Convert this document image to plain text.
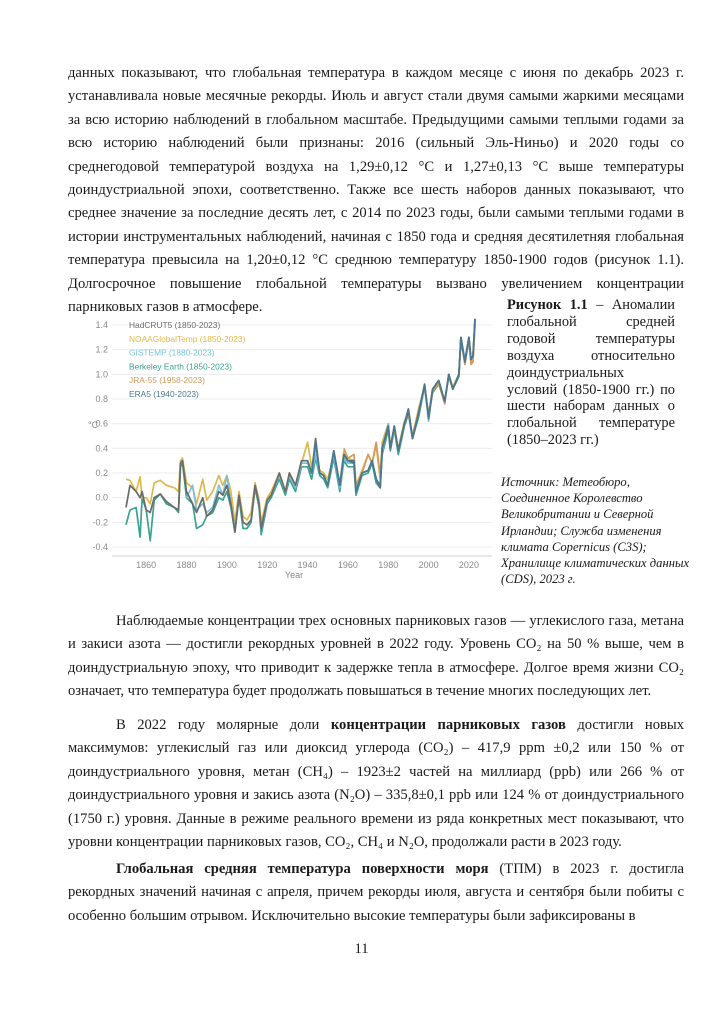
данных показывают, что глобальная температура в каждом месяце с июня по декабрь 2023 г. устанавливала новые месячные рекорды. Июль и август стали двумя самыми жаркими месяцами за всю историю наблюдений в глобальном масштабе. Предыдущими самыми теплыми годами за всю историю наблюдений были признаны: 2016 (сильный Эль-Ниньо) и 2020 годы со среднегодовой температурой воздуха на 1,29±0,12 °C и 1,27±0,13 °C выше температуры доиндустриальной эпохи, соответственно. Также все шесть наборов данных показывают, что среднее значение за последние десять лет, с 2014 по 2023 годы, были самыми теплыми годами в истории инструментальных наблюдений, начиная с 1850 года и средняя десятилетняя глобальная температура превысила на 1,20±0,12 °C среднюю температуру 1850-1900 годов (рисунок 1.1). Долгосрочное повышение глобальной температуры вызвано увеличением концентрации парниковых газов в атмосфере.
-0.4
-0.2
0.0
0.2
0.4
0.6
0.8
1.0
1.2
1.4
1860 1880 1900 1920 1940 1960 1980 2000 2020
°C
Year
HadCRUT5 (1850-2023)
NOAAGlobalTemp (1850-2023)
GISTEMP (1880-2023)
Berkeley Earth (1850-2023)
JRA-55 (1958-2023)
ERA5 (1940-2023)
Рисунок 1.1 – Аномалии глобальной средней годовой температуры воздуха относительно доиндустриальных условий (1850-1900 гг.) по шести наборам данных о глобальной температуре (1850–2023 гг.)
Источник: Метеобюро, Соединенное Королевство Великобритании и Северной Ирландии; Служба изменения климата Copernicus (C3S); Хранилище климатических данных (CDS), 2023 г.
Наблюдаемые концентрации трех основных парниковых газов — углекислого газа, метана и закиси азота — достигли рекордных уровней в 2022 году. Уровень CO₂ на 50 % выше, чем в доиндустриальную эпоху, что приводит к задержке тепла в атмосфере. Долгое время жизни CO₂ означает, что температура будет продолжать повышаться в течение многих последующих лет.
В 2022 году молярные доли концентрации парниковых газов достигли новых максимумов: углекислый газ или диоксид углерода (CO₂) – 417,9 ppm ±0,2 или 150 % от доиндустриального уровня, метан (CH₄) – 1923±2 частей на миллиард (ppb) или 266 % от доиндустриального уровня и закись азота (N₂O) – 335,8±0,1 ppb или 124 % от доиндустриального (1750 г.) уровня. Данные в режиме реального времени из ряда конкретных мест показывают, что уровни концентрации парниковых газов, CO₂, CH₄ и N₂O, продолжали расти в 2023 году.
Глобальная средняя температура поверхности моря (ТПМ) в 2023 г. достигла рекордных значений начиная с апреля, причем рекорды июля, августа и сентября были побиты с особенно большим отрывом. Исключительно высокие температуры были зафиксированы в
11
